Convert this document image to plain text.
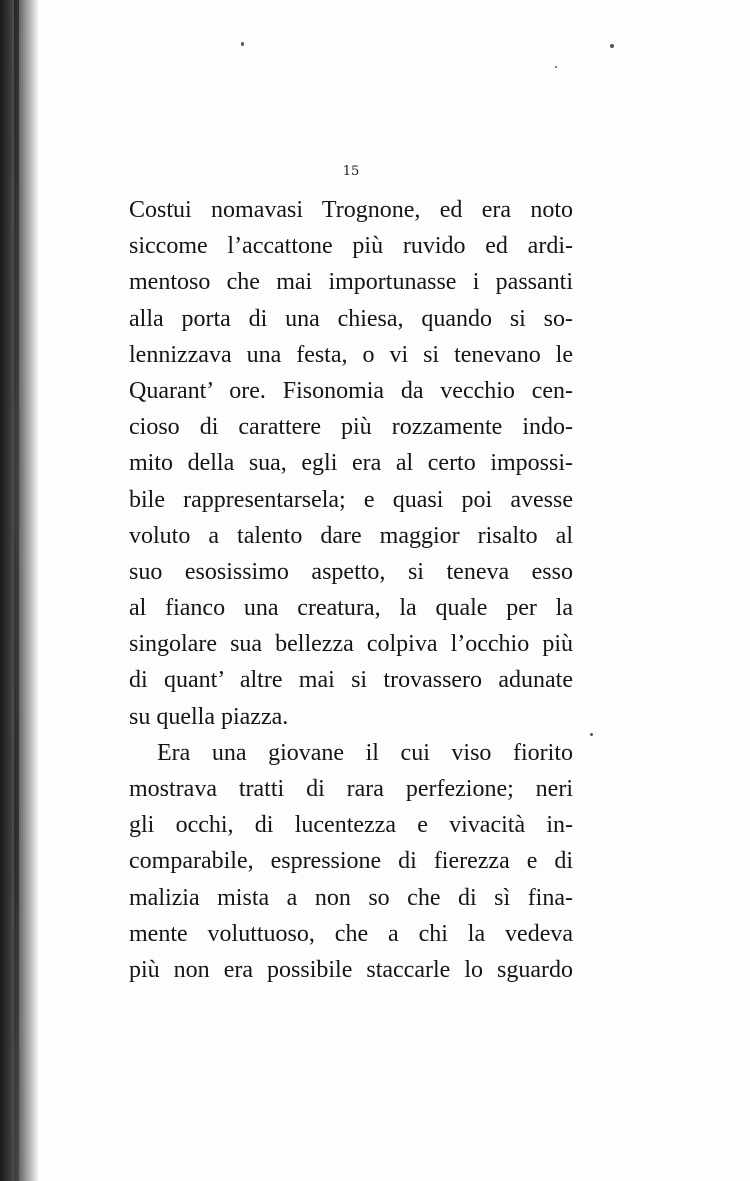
15
Costui nomavasi Trognone, ed era noto
siccome l’accattone più ruvido ed ardi-
mentoso che mai importunasse i passanti
alla porta di una chiesa, quando si so-
lennizzava una festa, o vi si tenevano le
Quarant’ ore. Fisonomia da vecchio cen-
cioso di carattere più rozzamente indo-
mito della sua, egli era al certo impossi-
bile rappresentarsela; e quasi poi avesse
voluto a talento dare maggior risalto al
suo esosissimo aspetto, si teneva esso
al fianco una creatura, la quale per la
singolare sua bellezza colpiva l’occhio più
di quant’ altre mai si trovassero adunate
su quella piazza.
Era una giovane il cui viso fiorito
mostrava tratti di rara perfezione; neri
gli occhi, di lucentezza e vivacità in-
comparabile, espressione di fierezza e di
malizia mista a non so che di sì fina-
mente voluttuoso, che a chi la vedeva
più non era possibile staccarle lo sguardo
